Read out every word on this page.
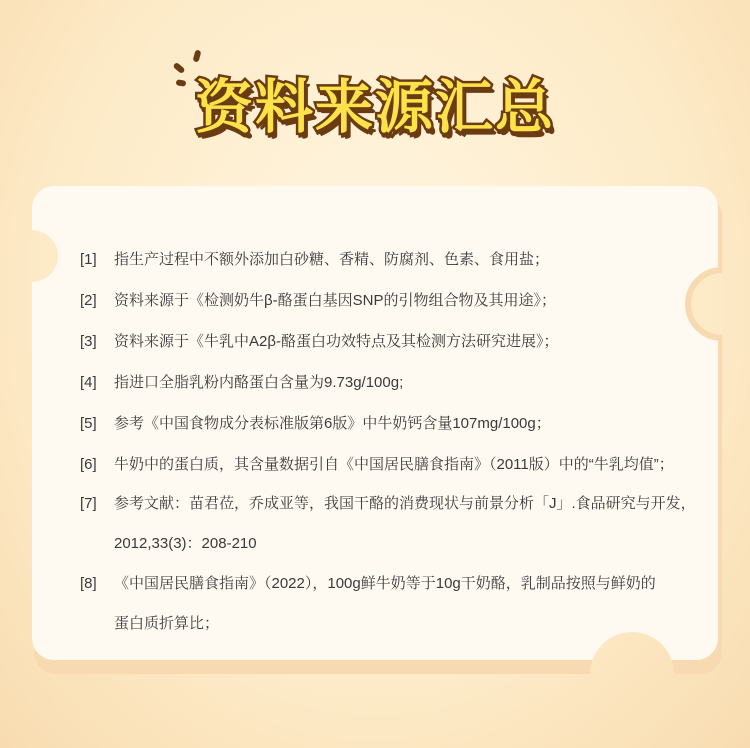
资料来源汇总
[1] 指生产过程中不额外添加白砂糖、香精、防腐剂、色素、食用盐；
[2] 资料来源于《检测奶牛β-酪蛋白基因SNP的引物组合物及其用途》；
[3] 资料来源于《牛乳中A2β-酪蛋白功效特点及其检测方法研究进展》；
[4] 指进口全脂乳粉内酪蛋白含量为9.73g/100g;
[5] 参考《中国食物成分表标准版第6版》中牛奶钙含量107mg/100g；
[6] 牛奶中的蛋白质，其含量数据引自《中国居民膳食指南》（2011版）中的“牛乳均值”；
[7] 参考文献：苗君莅，乔成亚等，我国干酪的消费现状与前景分析「J」.食品研究与开发，
2012,33(3)：208-210
[8] 《中国居民膳食指南》（2022），100g鲜牛奶等于10g干奶酪，乳制品按照与鲜奶的
蛋白质折算比；
